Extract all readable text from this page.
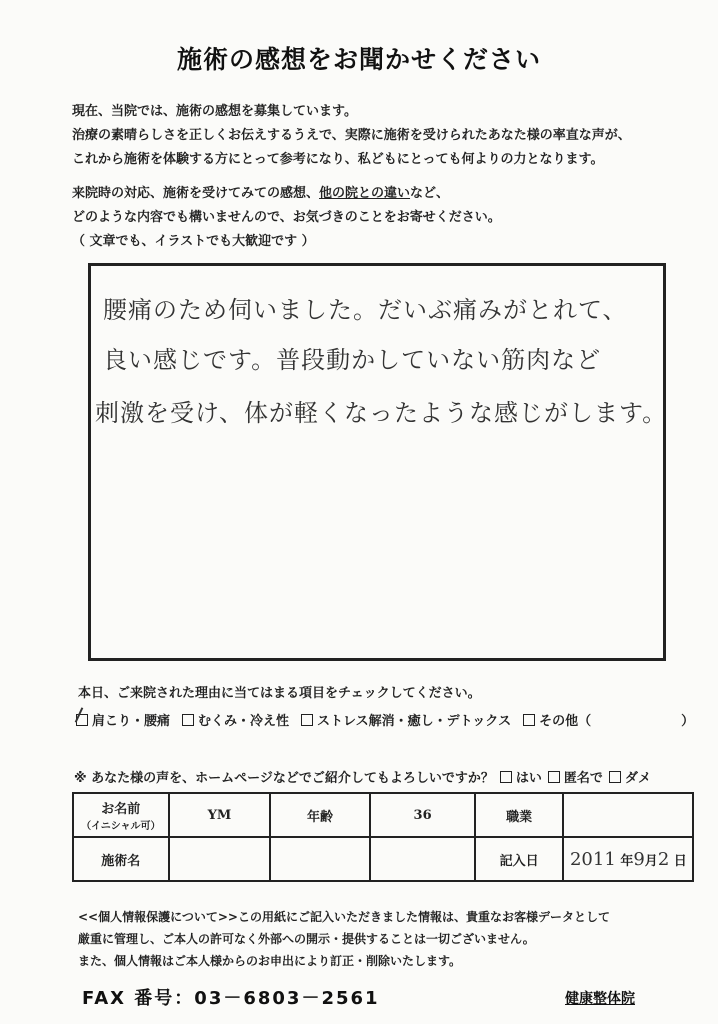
施術の感想をお聞かせください
現在、当院では、施術の感想を募集しています。
治療の素晴らしさを正しくお伝えするうえで、実際に施術を受けられたあなた様の率直な声が、
これから施術を体験する方にとって参考になり、私どもにとっても何よりの力となります。
来院時の対応、施術を受けてみての感想、他の院との違いなど、
どのような内容でも構いませんので、お気づきのことをお寄せください。
（ 文章でも、イラストでも大歓迎です ）
腰痛のため伺いました。だいぶ痛みがとれて、
良い感じです。普段動かしていない筋肉など
刺激を受け、体が軽くなったような感じがします。
本日、ご来院された理由に当てはまる項目をチェックしてください。
肩こり・腰痛 むくみ・冷え性 ストレス解消・癒し・デトックス その他（	）
※ あなた様の声を、ホームページなどでご紹介してもよろしいですか？ はい 匿名で ダメ
お名前
（イニシャル可）	YM	年齢	36	職業	
施術名				記入日	2011 年9月2 日
<<個人情報保護について>>この用紙にご記入いただきました情報は、貴重なお客様データとして
厳重に管理し、ご本人の許可なく外部への開示・提供することは一切ございません。
また、個人情報はご本人様からのお申出により訂正・削除いたします。
FAX 番号：03－6803－2561	健康整体院
